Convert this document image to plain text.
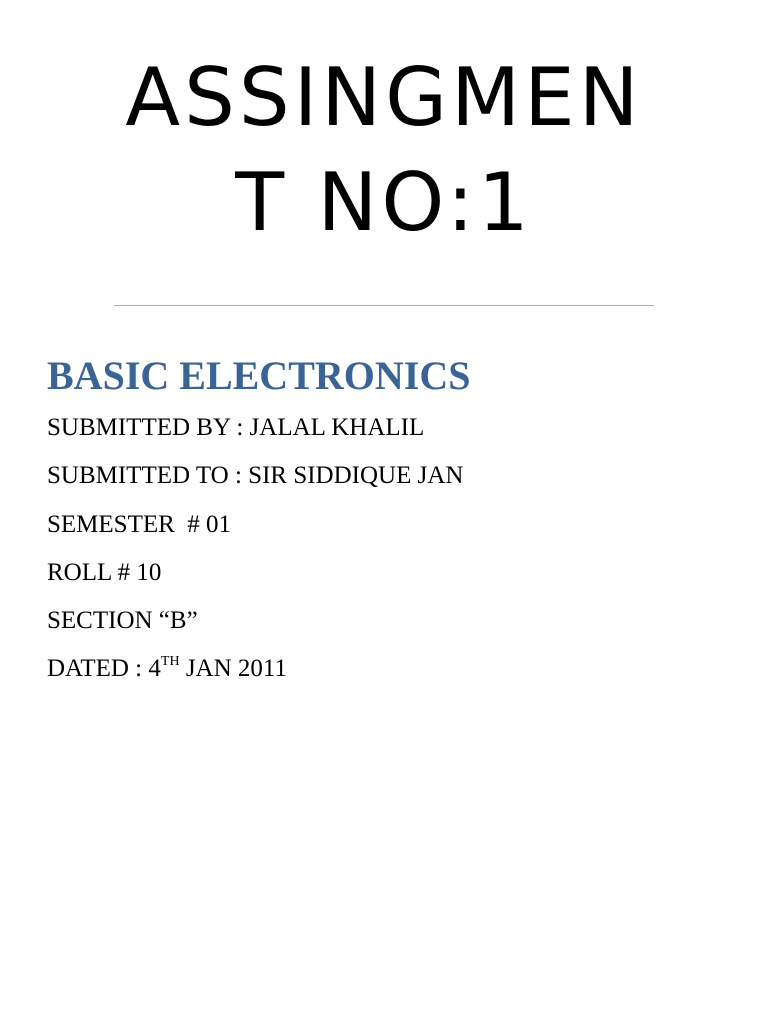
ASSINGMEN
T NO:1
BASIC ELECTRONICS
SUBMITTED BY : JALAL KHALIL
SUBMITTED TO : SIR SIDDIQUE JAN
SEMESTER  # 01
ROLL # 10
SECTION “B”
DATED : 4TH JAN 2011
